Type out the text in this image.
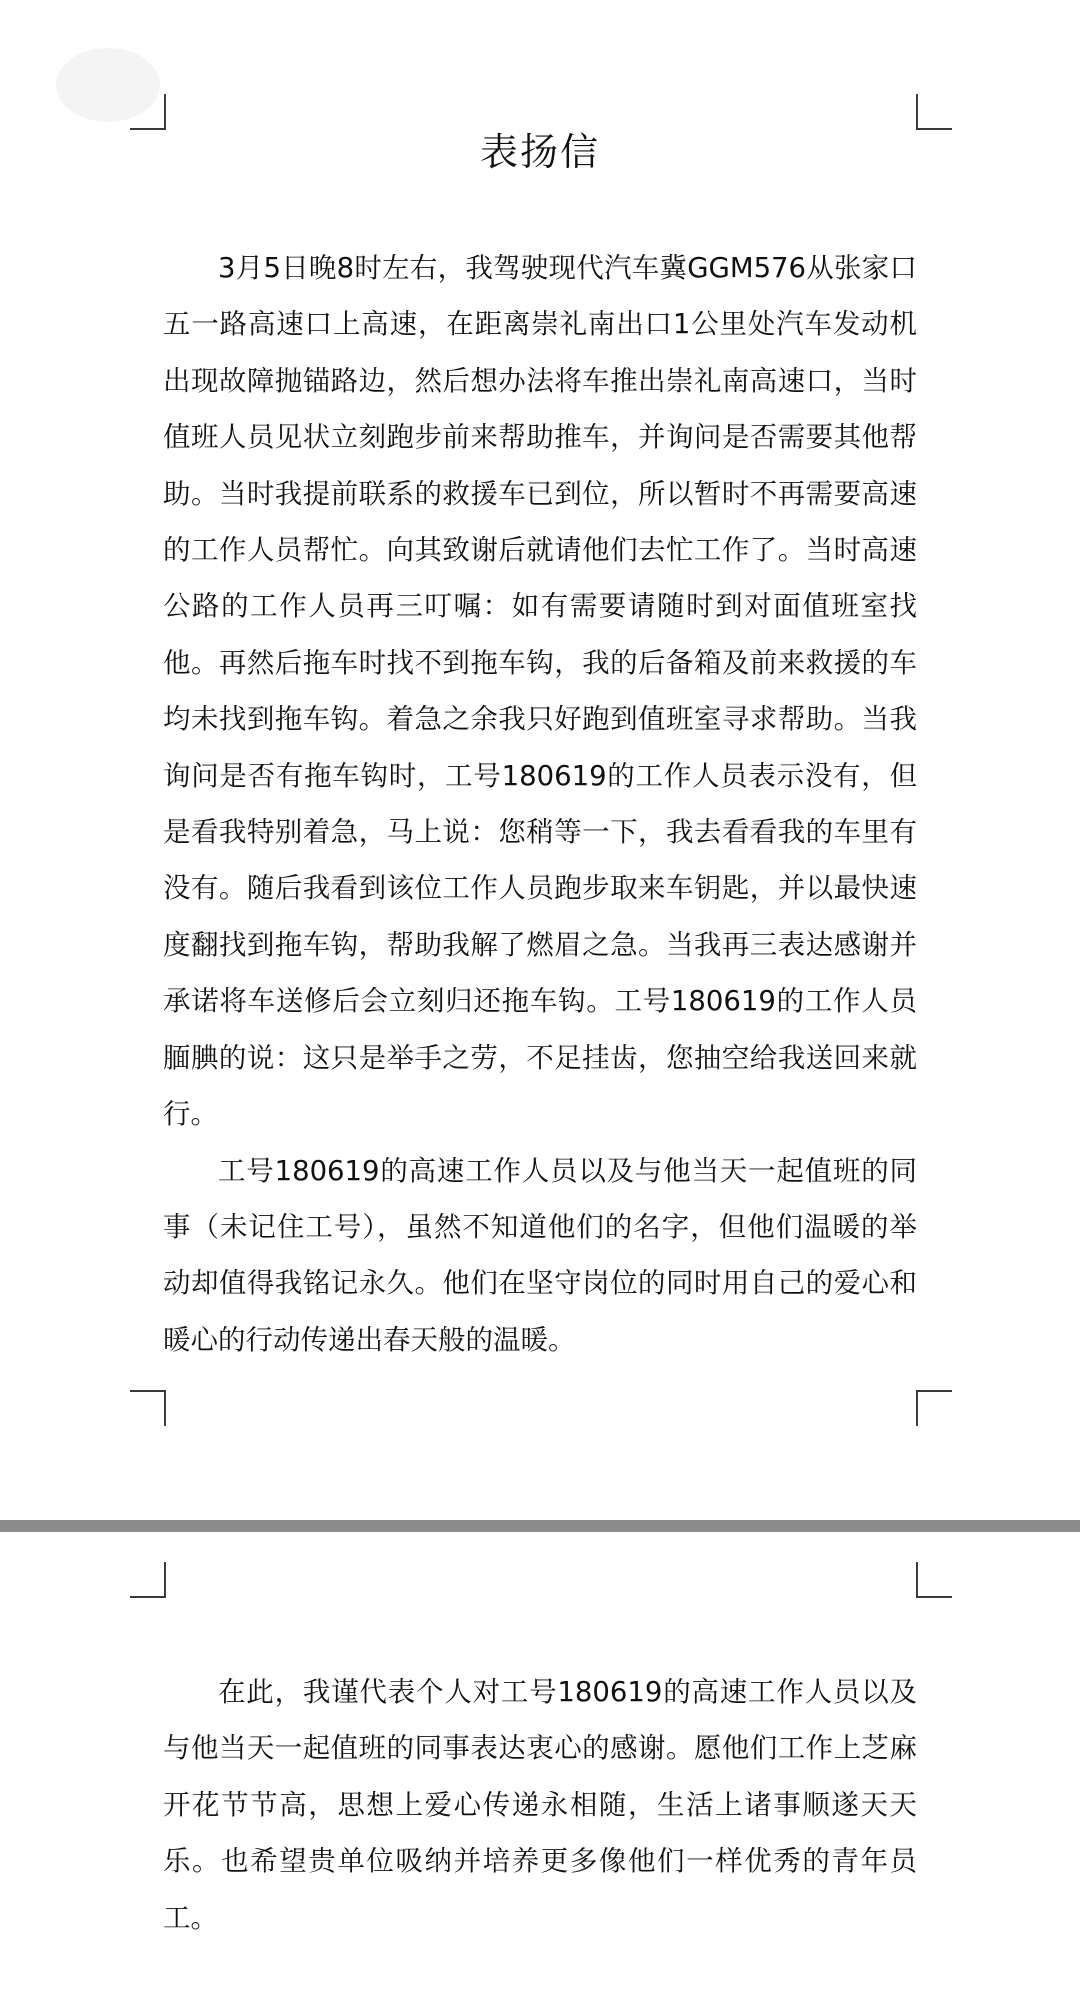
表扬信

3月5日晚8时左右，我驾驶现代汽车冀GGM576从张家口五一路高速口上高速，在距离崇礼南出口1公里处汽车发动机出现故障抛锚路边，然后想办法将车推出崇礼南高速口，当时值班人员见状立刻跑步前来帮助推车，并询问是否需要其他帮助。当时我提前联系的救援车已到位，所以暂时不再需要高速的工作人员帮忙。向其致谢后就请他们去忙工作了。当时高速公路的工作人员再三叮嘱：如有需要请随时到对面值班室找他。再然后拖车时找不到拖车钩，我的后备箱及前来救援的车均未找到拖车钩。着急之余我只好跑到值班室寻求帮助。当我询问是否有拖车钩时，工号180619的工作人员表示没有，但是看我特别着急，马上说：您稍等一下，我去看看我的车里有没有。随后我看到该位工作人员跑步取来车钥匙，并以最快速度翻找到拖车钩，帮助我解了燃眉之急。当我再三表达感谢并承诺将车送修后会立刻归还拖车钩。工号180619的工作人员腼腆的说：这只是举手之劳，不足挂齿，您抽空给我送回来就行。

工号180619的高速工作人员以及与他当天一起值班的同事（未记住工号），虽然不知道他们的名字，但他们温暖的举动却值得我铭记永久。他们在坚守岗位的同时用自己的爱心和暖心的行动传递出春天般的温暖。

在此，我谨代表个人对工号180619的高速工作人员以及与他当天一起值班的同事表达衷心的感谢。愿他们工作上芝麻开花节节高，思想上爱心传递永相随，生活上诸事顺遂天天乐。也希望贵单位吸纳并培养更多像他们一样优秀的青年员工。
